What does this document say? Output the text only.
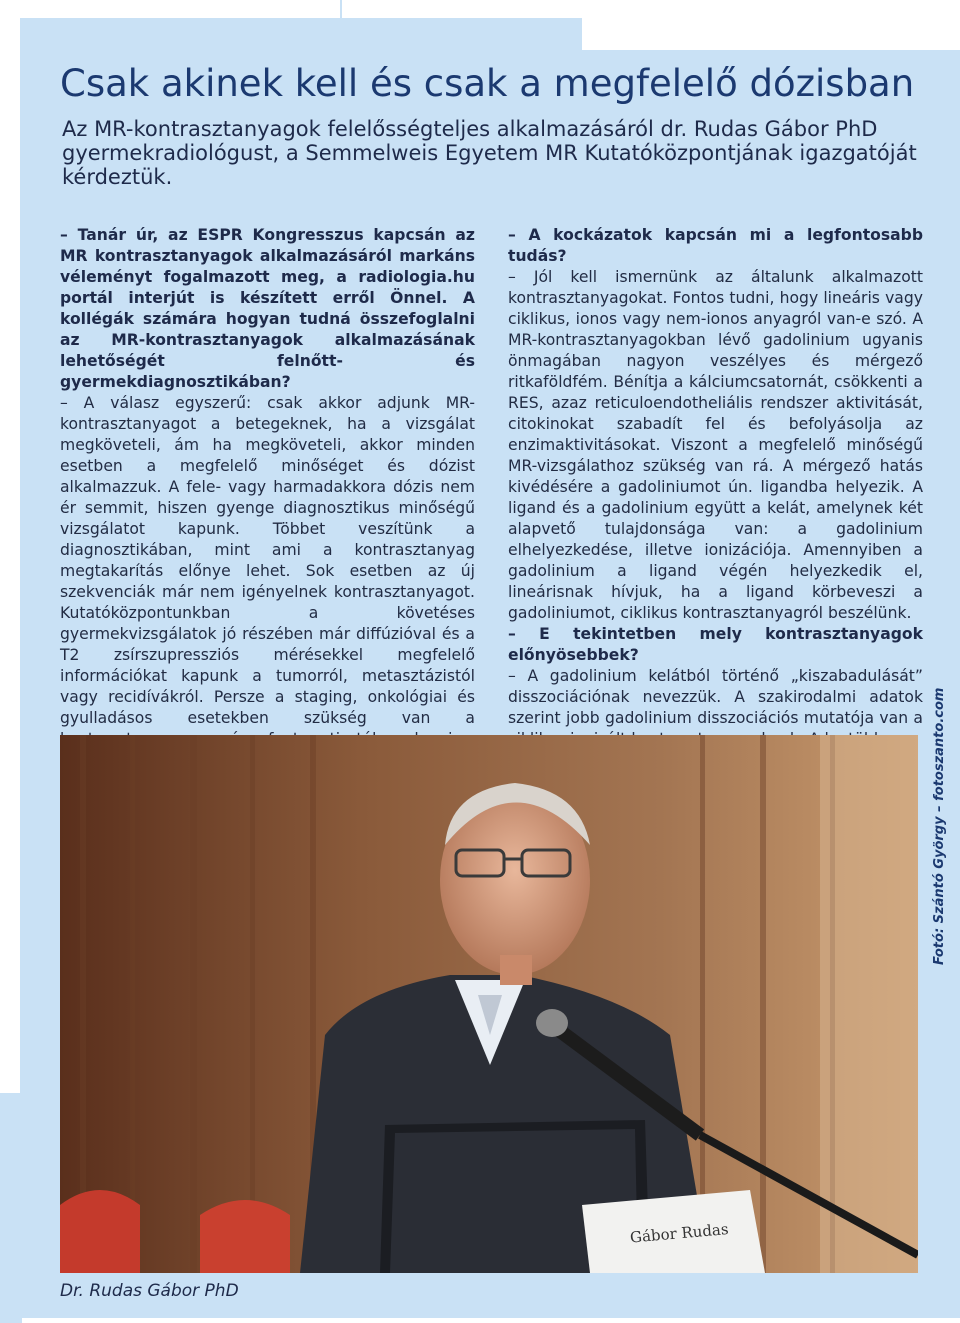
Csak akinek kell és csak a megfelelő dózisban

Az MR-kontrasztanyagok felelősségteljes alkalmazásáról dr. Rudas Gábor PhD gyermekradiológust, a Semmelweis Egyetem MR Kutatóközpontjának igazgatóját kérdeztük.

– Tanár úr, az ESPR Kongresszus kapcsán az MR kontrasztanyagok alkalmazásáról markáns véleményt fogalmazott meg, a radiologia.hu portál interjút is készített erről Önnel. A kollégák számára hogyan tudná összefoglalni az MR-kontrasztanyagok alkalmazásának lehetőségét felnőtt- és gyermekdiagnosztikában?

– A válasz egyszerű: csak akkor adjunk MR-kontrasztanyagot a betegeknek, ha a vizsgálat megköveteli, ám ha megköveteli, akkor minden esetben a megfelelő minőséget és dózist alkalmazzuk. A fele- vagy harmadakkora dózis nem ér semmit, hiszen gyenge diagnosztikus minőségű vizsgálatot kapunk. Többet veszítünk a diagnosztikában, mint ami a kontrasztanyag megtakarítás előnye lehet. Sok esetben az új szekvenciák már nem igényelnek kontrasztanyagot. Kutatóközpontunkban a követéses gyermekvizsgálatok jó részében már diffúzióval és a T2 zsírszupressziós mérésekkel megfelelő információkat kapunk a tumorról, metasztázistól vagy recidívákról. Persze a staging, onkológiai és gyulladásos esetekben szükség van a

– A kockázatok kapcsán mi a legfontosabb tudás?

– Jól kell ismernünk az általunk alkalmazott kontrasztanyagokat. Fontos tudni, hogy lineáris vagy ciklikus, ionos vagy nem-ionos anyagról van-e szó. A MR-kontrasztanyagokban lévő gadolinium ugyanis önmagában nagyon veszélyes és mérgező ritkaföldfém. Bénítja a kálciumcsatornát, csökkenti a RES, azaz reticuloendotheliális rendszer aktivitását, citokinokat szabadít fel és befolyásolja az enzimaktivitásokat. Viszont a megfelelő minőségű MR-vizsgálathoz szükség van rá. A mérgező hatás kivédésére a gadoliniumot ún. ligandba helyezik. A ligand és a gadolinium együtt a kelát, amelynek két alapvető tulajdonsága van: a gadolinium elhelyezkedése, illetve ionizációja. Amennyiben a gadolinium a ligand végén helyezkedik el, lineárisnak hívjuk, ha a ligand körbeveszi a gadoliniumot, ciklikus kontrasztanyagról beszélünk.

– E tekintetben mely kontrasztanyagok előnyösebbek?

– A gadolinium kelátból történő „kiszabadulását” disszociációnak nevezzük. A szakirodalmi adatok szerint jobb gadolinium disszociációs mutatója van a

Gábor Rudas
Fotó: Szántó György – fotoszanto.com

Dr. Rudas Gábor PhD
